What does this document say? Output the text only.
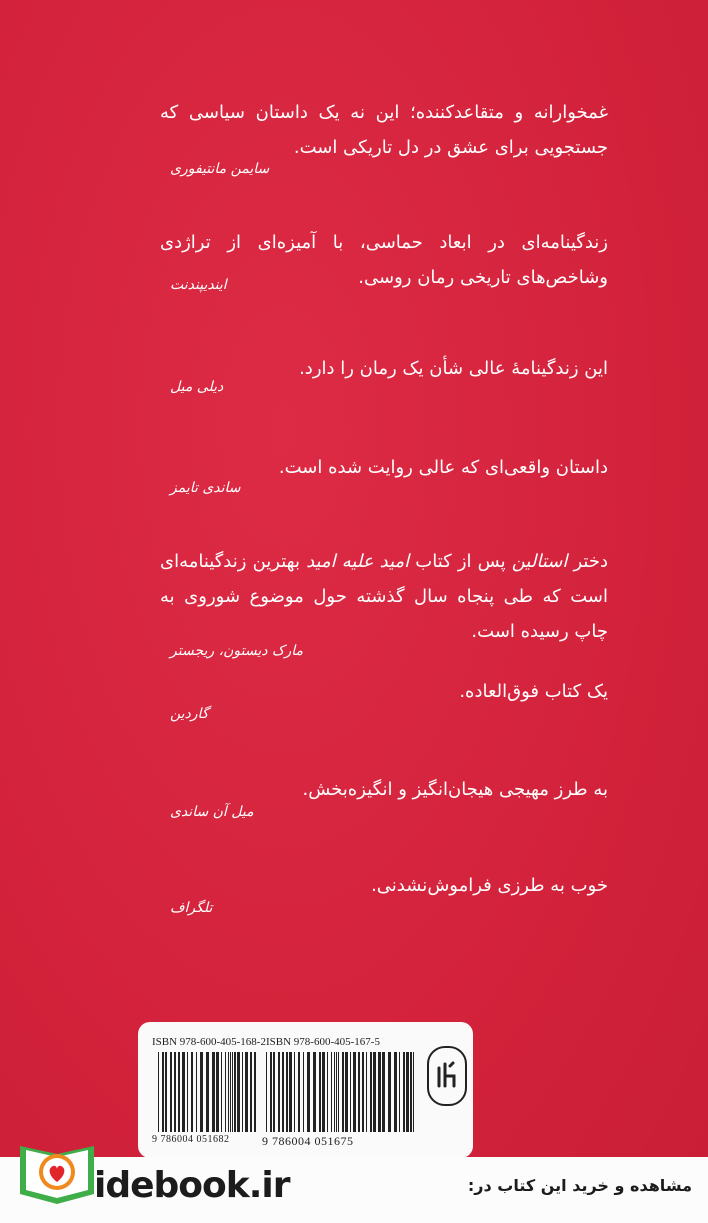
غمخوارانه و متقاعدکننده؛ این نه یک داستان سیاسی که جستجویی برای عشق در دل تاریکی است.

سایمن مانتیفوری

زندگینامه‌ای در ابعاد حماسی، با آمیزه‌ای از تراژدی وشاخص‌های تاریخی رمان روسی.

ایندیپندنت

این زندگینامهٔ عالی شأن یک رمان را دارد.

دیلی میل

داستان واقعی‌ای که عالی روایت شده است.

ساندی تایمز

دختر استالین پس از کتاب امید علیه امید بهترین زندگینامه‌ای است که طی پنجاه سال گذشته حول موضوع شوروی به چاپ رسیده است.

مارک دیستون، ریجستر

یک کتاب فوق‌العاده.

گاردین

به طرز مهیجی هیجان‌انگیز و انگیزه‌بخش.

میل آن ساندی

خوب به طرزی فراموش‌نشدنی.

تلگراف
ISBN 978-600-405-168-2 ISBN 978-600-405-167-5
9 786004 051682	9 786004 051675
idebook.ir	مشاهده و خرید این کتاب در:
